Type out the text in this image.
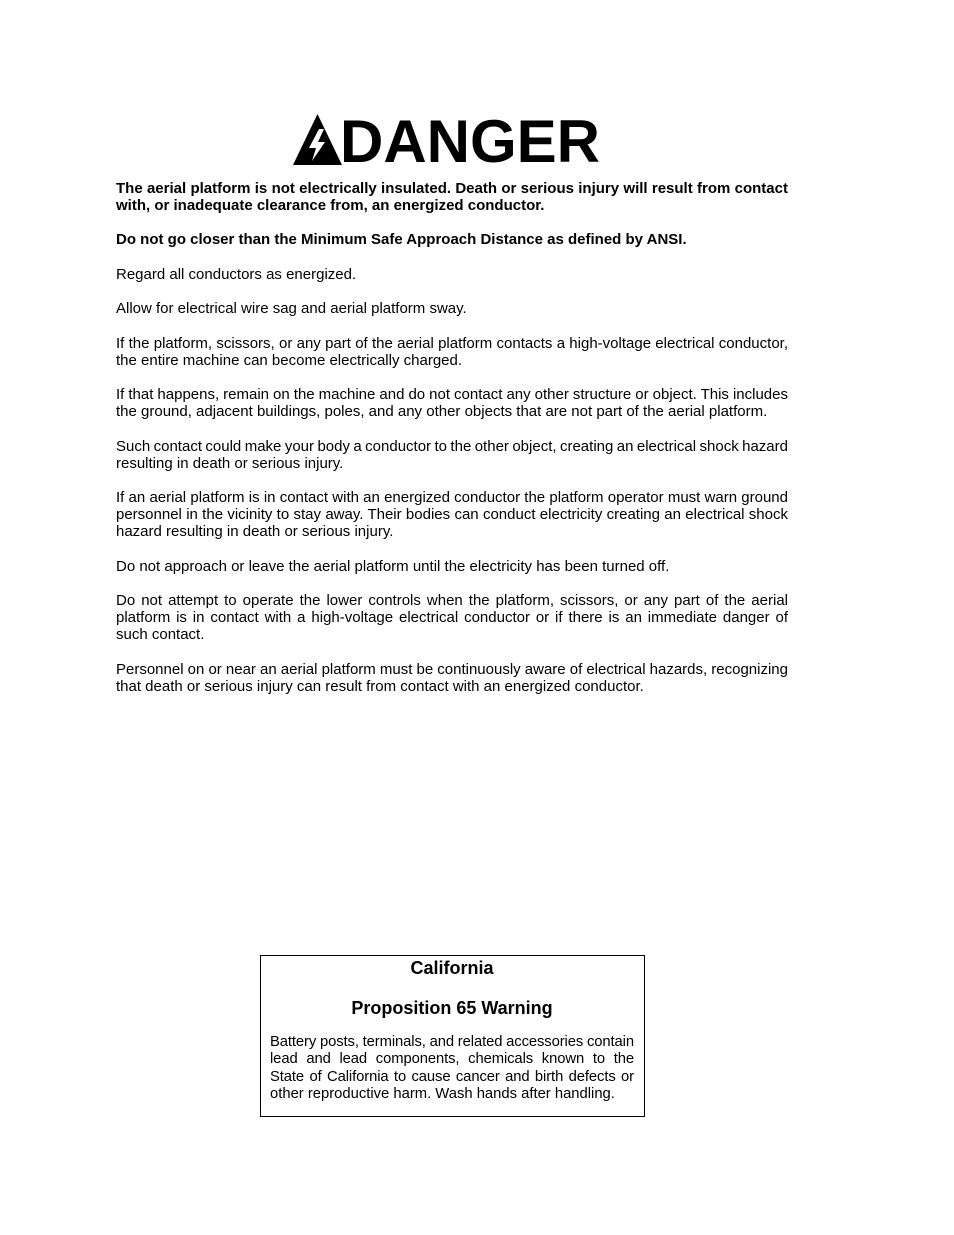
DANGER

The aerial platform is not electrically insulated. Death or serious injury will result from contact
with, or inadequate clearance from, an energized conductor.

Do not go closer than the Minimum Safe Approach Distance as defined by ANSI.

Regard all conductors as energized.

Allow for electrical wire sag and aerial platform sway.

If the platform, scissors, or any part of the aerial platform contacts a high-voltage electrical conductor,
the entire machine can become electrically charged.

If that happens, remain on the machine and do not contact any other structure or object. This includes
the ground, adjacent buildings, poles, and any other objects that are not part of the aerial platform.

Such contact could make your body a conductor to the other object, creating an electrical shock hazard
resulting in death or serious injury.

If an aerial platform is in contact with an energized conductor the platform operator must warn ground
personnel in the vicinity to stay away. Their bodies can conduct electricity creating an electrical shock
hazard resulting in death or serious injury.

Do not approach or leave the aerial platform until the electricity has been turned off.

Do not attempt to operate the lower controls when the platform, scissors, or any part of the aerial
platform is in contact with a high-voltage electrical conductor or if there is an immediate danger of
such contact.

Personnel on or near an aerial platform must be continuously aware of electrical hazards, recognizing
that death or serious injury can result from contact with an energized conductor.

California
Proposition 65 Warning
Battery posts, terminals, and related accessories contain
lead and lead components, chemicals known to the
State of California to cause cancer and birth defects or
other reproductive harm. Wash hands after handling.
